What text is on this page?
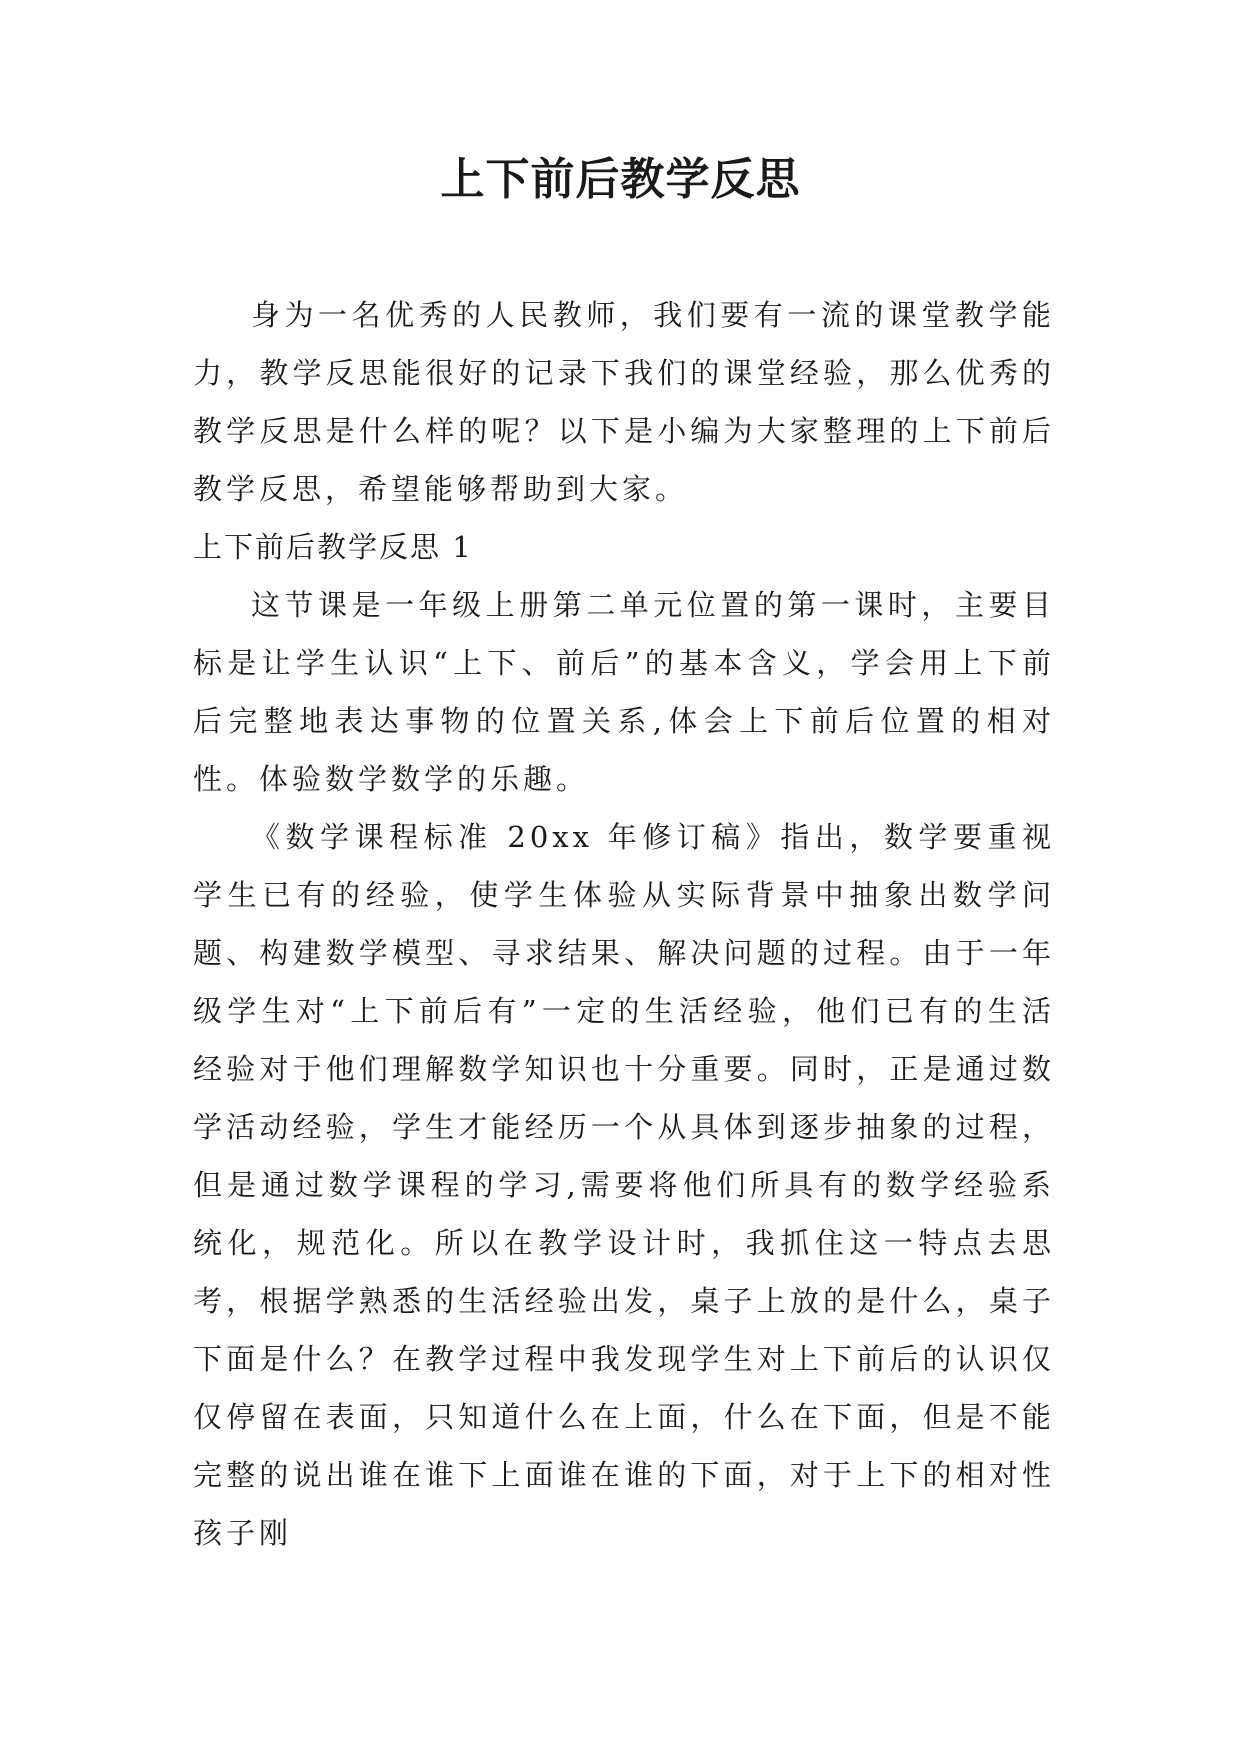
上下前后教学反思

身为一名优秀的人民教师，我们要有一流的课堂教学能力，教学反思能很好的记录下我们的课堂经验，那么优秀的教学反思是什么样的呢？以下是小编为大家整理的上下前后教学反思，希望能够帮助到大家。

上下前后教学反思 1

这节课是一年级上册第二单元位置的第一课时，主要目标是让学生认识“上下、前后”的基本含义，学会用上下前后完整地表达事物的位置关系,体会上下前后位置的相对性。体验数学数学的乐趣。

《数学课程标准 20xx 年修订稿》指出，数学要重视学生已有的经验，使学生体验从实际背景中抽象出数学问题、构建数学模型、寻求结果、解决问题的过程。由于一年级学生对“上下前后有”一定的生活经验，他们已有的生活经验对于他们理解数学知识也十分重要。同时，正是通过数学活动经验，学生才能经历一个从具体到逐步抽象的过程，但是通过数学课程的学习,需要将他们所具有的数学经验系统化，规范化。所以在教学设计时，我抓住这一特点去思考，根据学熟悉的生活经验出发，桌子上放的是什么，桌子下面是什么？在教学过程中我发现学生对上下前后的认识仅仅停留在表面，只知道什么在上面，什么在下面，但是不能完整的说出谁在谁下上面谁在谁的下面，对于上下的相对性孩子刚
